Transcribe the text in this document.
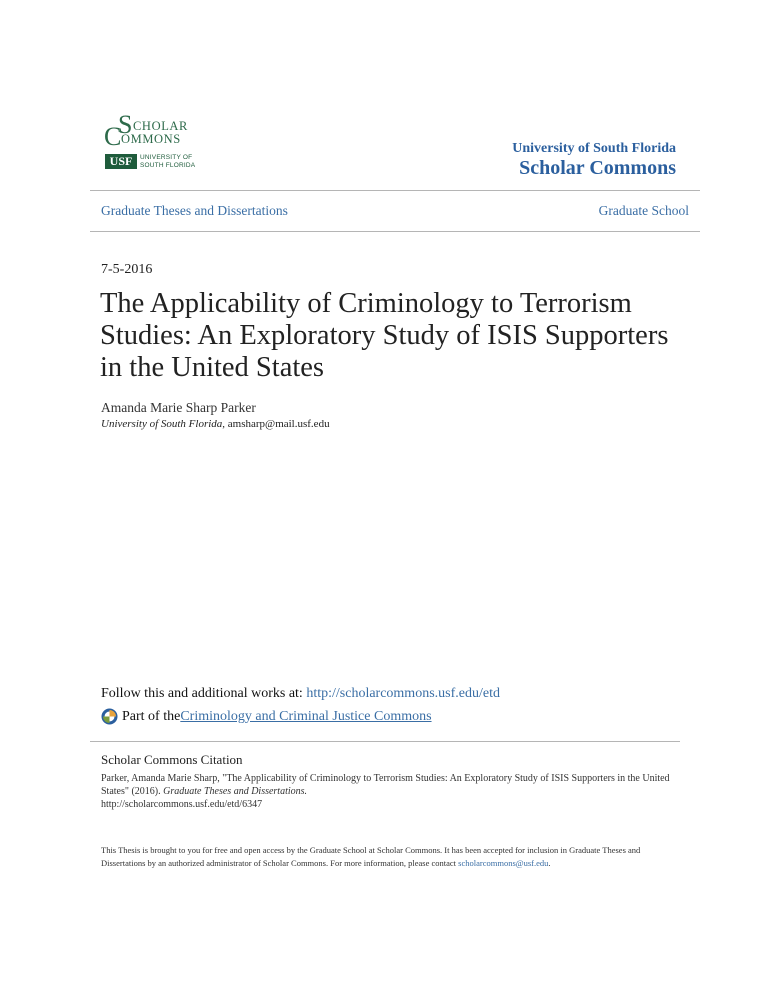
S CHOLAR
C OMMONS
USF	UNIVERSITY OF
SOUTH FLORIDA
University of South Florida
Scholar Commons
Graduate Theses and Dissertations	Graduate School
7-5-2016
The Applicability of Criminology to Terrorism Studies: An Exploratory Study of ISIS Supporters in the United States
Amanda Marie Sharp Parker
University of South Florida, amsharp@mail.usf.edu
Follow this and additional works at: http://scholarcommons.usf.edu/etd
Part of the Criminology and Criminal Justice Commons
Scholar Commons Citation
Parker, Amanda Marie Sharp, "The Applicability of Criminology to Terrorism Studies: An Exploratory Study of ISIS Supporters in the United States" (2016). Graduate Theses and Dissertations.
http://scholarcommons.usf.edu/etd/6347
This Thesis is brought to you for free and open access by the Graduate School at Scholar Commons. It has been accepted for inclusion in Graduate Theses and Dissertations by an authorized administrator of Scholar Commons. For more information, please contact scholarcommons@usf.edu.
